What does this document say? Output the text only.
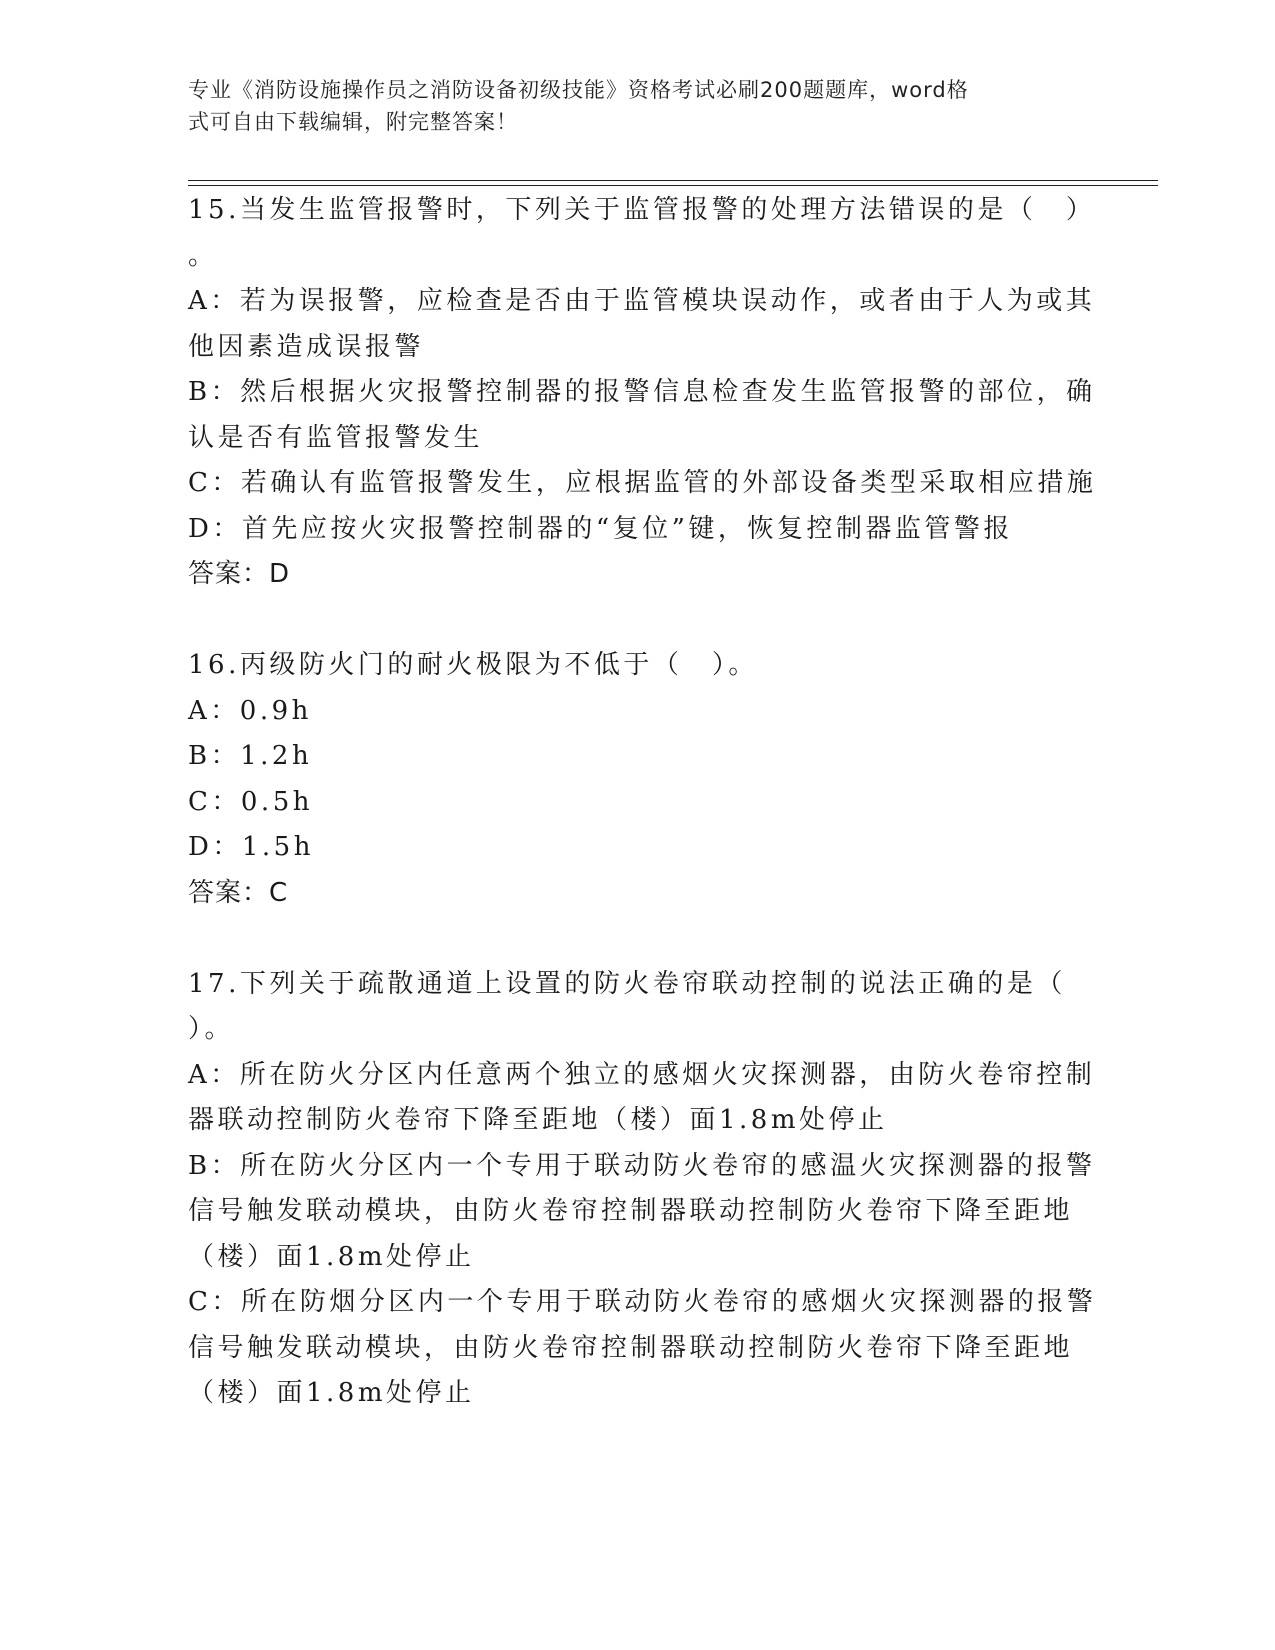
专业《消防设施操作员之消防设备初级技能》资格考试必刷200题题库，word格
式可自由下载编辑，附完整答案！
15.当发生监管报警时，下列关于监管报警的处理方法错误的是（　）
。
A：若为误报警，应检查是否由于监管模块误动作，或者由于人为或其
他因素造成误报警
B：然后根据火灾报警控制器的报警信息检查发生监管报警的部位，确
认是否有监管报警发生
C：若确认有监管报警发生，应根据监管的外部设备类型采取相应措施
D：首先应按火灾报警控制器的“复位”键，恢复控制器监管警报
答案：D
16.丙级防火门的耐火极限为不低于（　）。
A：0.9h
B：1.2h
C：0.5h
D：1.5h
答案：C
17.下列关于疏散通道上设置的防火卷帘联动控制的说法正确的是（
）。
A：所在防火分区内任意两个独立的感烟火灾探测器，由防火卷帘控制
器联动控制防火卷帘下降至距地（楼）面1.8m处停止
B：所在防火分区内一个专用于联动防火卷帘的感温火灾探测器的报警
信号触发联动模块，由防火卷帘控制器联动控制防火卷帘下降至距地
（楼）面1.8m处停止
C：所在防烟分区内一个专用于联动防火卷帘的感烟火灾探测器的报警
信号触发联动模块，由防火卷帘控制器联动控制防火卷帘下降至距地
（楼）面1.8m处停止
